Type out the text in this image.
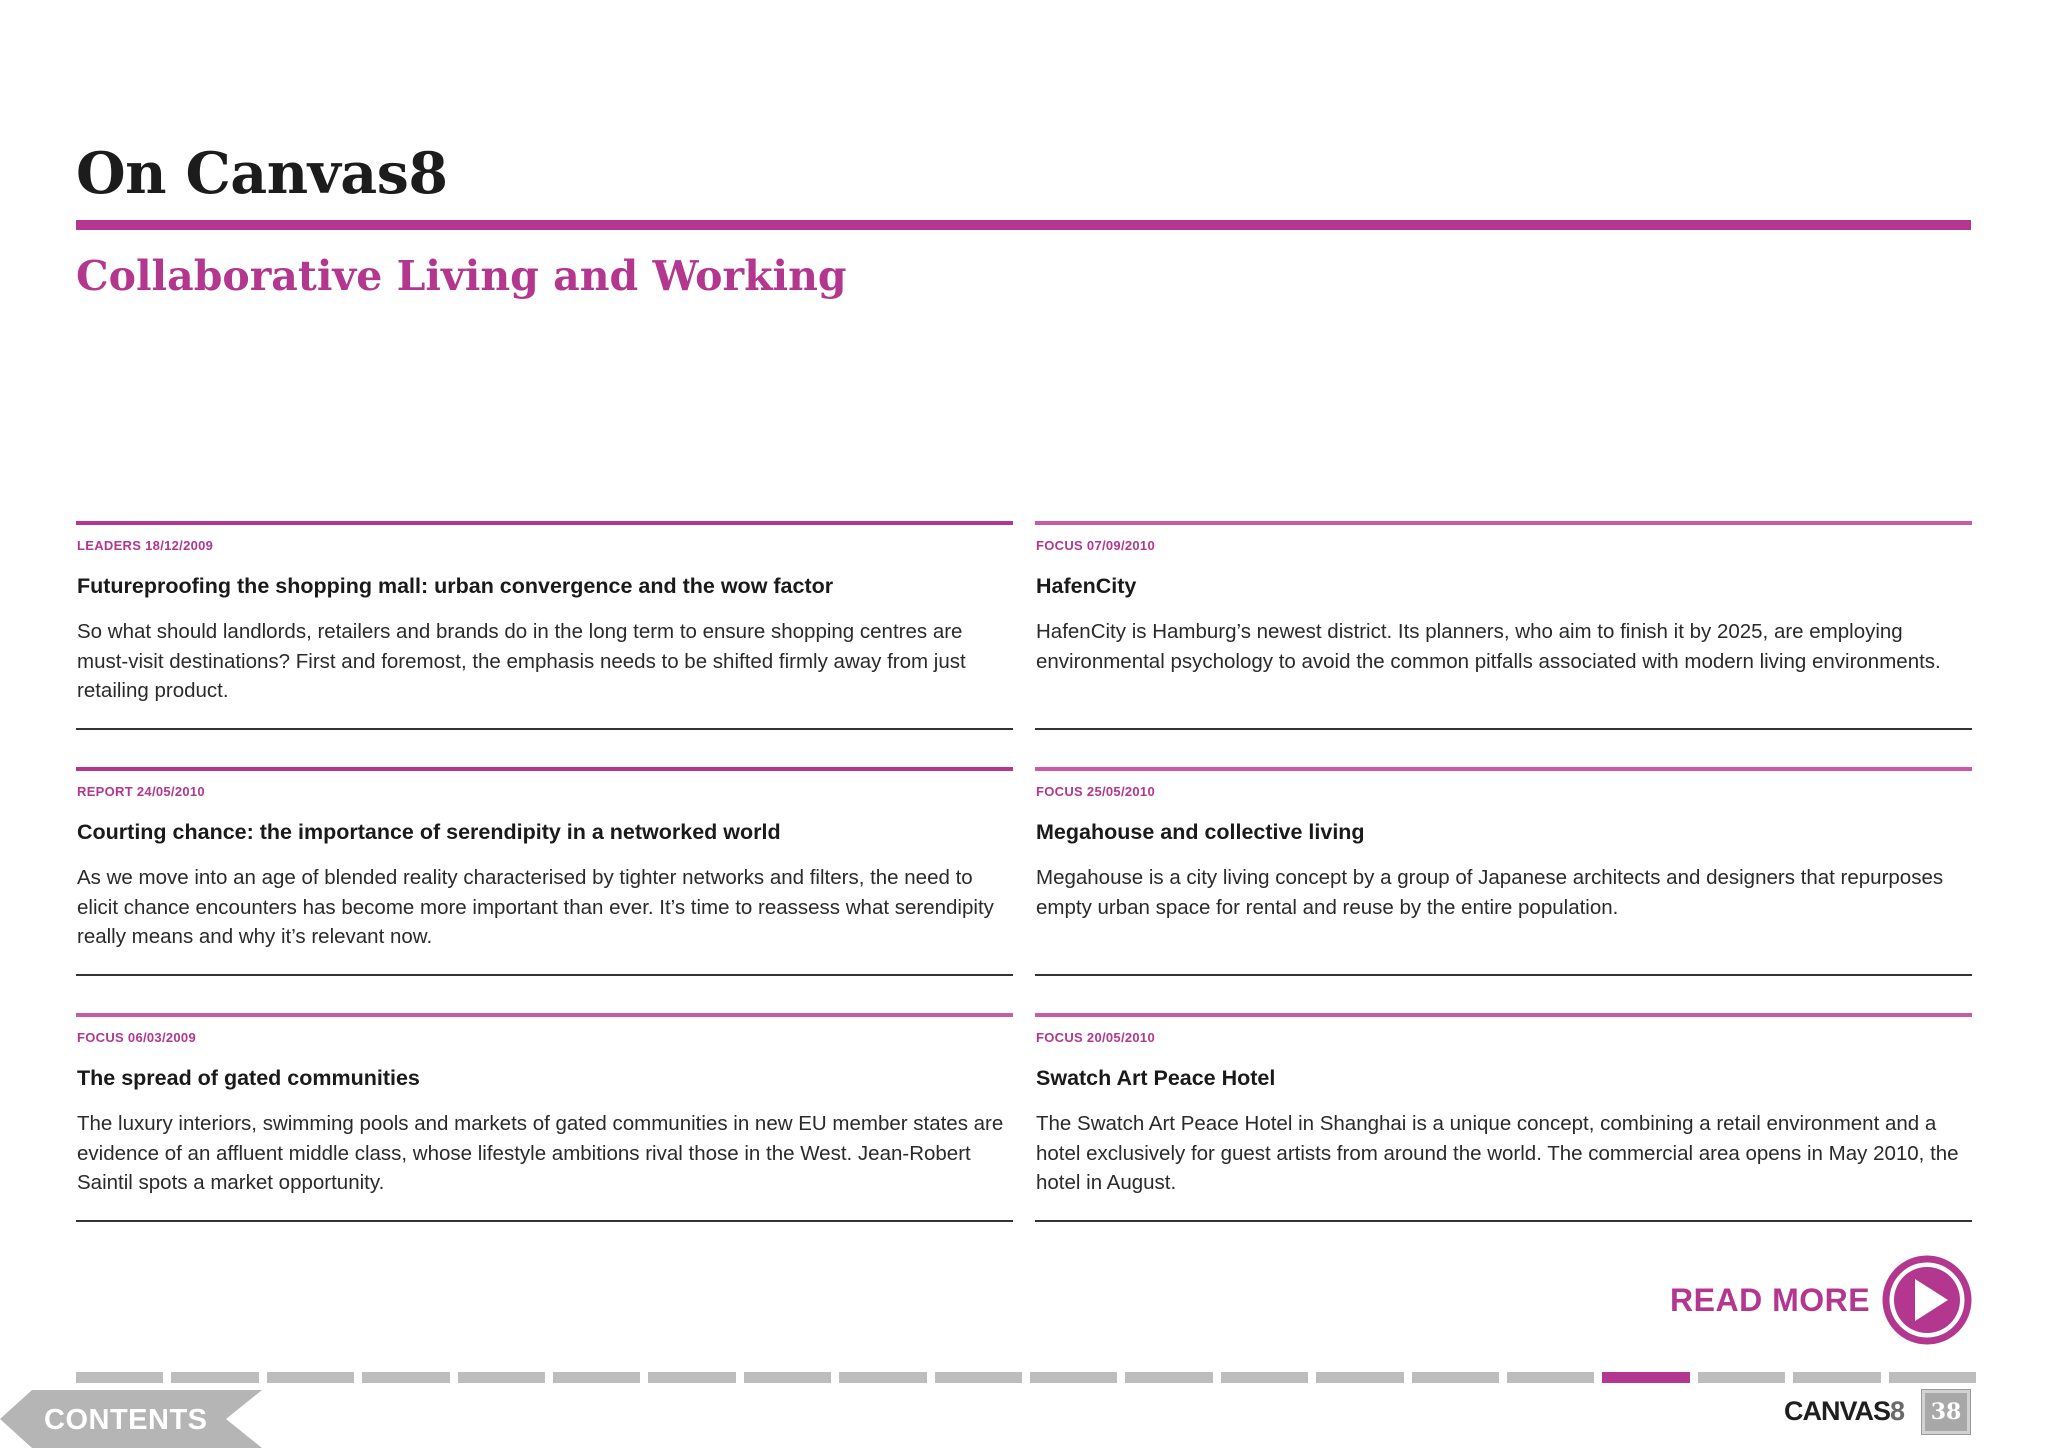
On Canvas8
Collaborative Living and Working
LEADERS 18/12/2009
Futureproofing the shopping mall: urban convergence and the wow factor
So what should landlords, retailers and brands do in the long term to ensure shopping centres are must-visit destinations? First and foremost, the emphasis needs to be shifted firmly away from just retailing product.
FOCUS 07/09/2010
HafenCity
HafenCity is Hamburg’s newest district. Its planners, who aim to finish it by 2025, are employing environmental psychology to avoid the common pitfalls associated with modern living environments.
REPORT 24/05/2010
Courting chance: the importance of serendipity in a networked world
As we move into an age of blended reality characterised by tighter networks and filters, the need to elicit chance encounters has become more important than ever. It’s time to reassess what serendipity really means and why it’s relevant now.
FOCUS 25/05/2010
Megahouse and collective living
Megahouse is a city living concept by a group of Japanese architects and designers that repurposes empty urban space for rental and reuse by the entire population.
FOCUS 06/03/2009
The spread of gated communities
The luxury interiors, swimming pools and markets of gated communities in new EU member states are evidence of an affluent middle class, whose lifestyle ambitions rival those in the West. Jean-Robert Saintil spots a market opportunity.
FOCUS 20/05/2010
Swatch Art Peace Hotel
The Swatch Art Peace Hotel in Shanghai is a unique concept, combining a retail environment and a hotel exclusively for guest artists from around the world. The commercial area opens in May 2010, the hotel in August.
READ MORE
CONTENTS	CANVAS8	38
